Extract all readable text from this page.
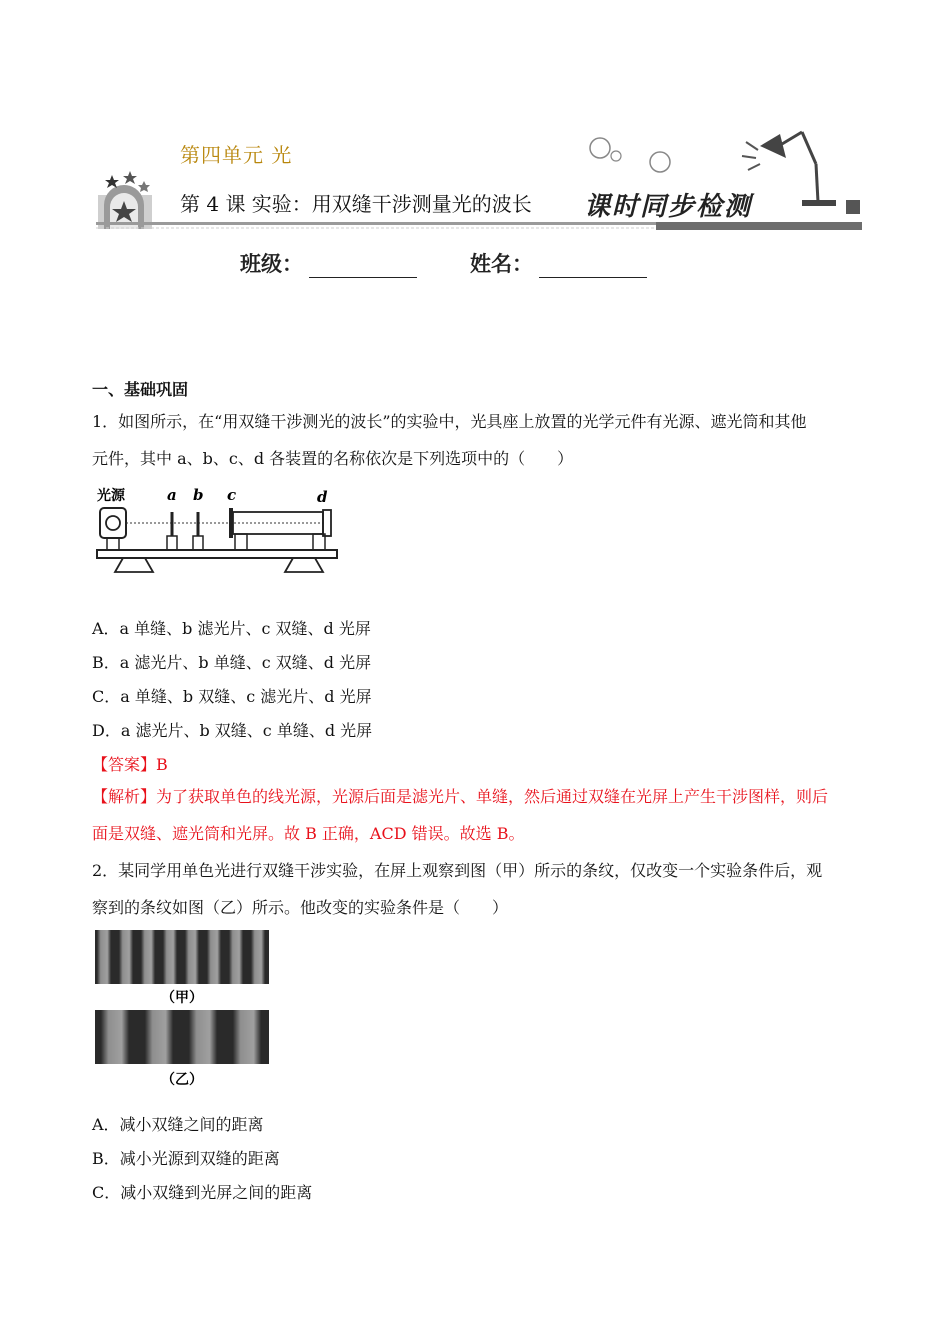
第四单元 光
第 4 课 实验：用双缝干涉测量光的波长 课时同步检测
班级：	姓名：
一、基础巩固
1．如图所示，在“用双缝干涉测光的波长”的实验中，光具座上放置的光学元件有光源、遮光筒和其他
元件，其中 a、b、c、d 各装置的名称依次是下列选项中的（　　）
光源	a b c	d
A．a 单缝、b 滤光片、c 双缝、d 光屏
B．a 滤光片、b 单缝、c 双缝、d 光屏
C．a 单缝、b 双缝、c 滤光片、d 光屏
D．a 滤光片、b 双缝、c 单缝、d 光屏
【答案】B
【解析】为了获取单色的线光源，光源后面是滤光片、单缝，然后通过双缝在光屏上产生干涉图样，则后
面是双缝、遮光筒和光屏。故 B 正确，ACD 错误。故选 B。
2．某同学用单色光进行双缝干涉实验，在屏上观察到图（甲）所示的条纹，仅改变一个实验条件后，观
察到的条纹如图（乙）所示。他改变的实验条件是（　　）
（甲）
（乙）
A．减小双缝之间的距离
B．减小光源到双缝的距离
C．减小双缝到光屏之间的距离
